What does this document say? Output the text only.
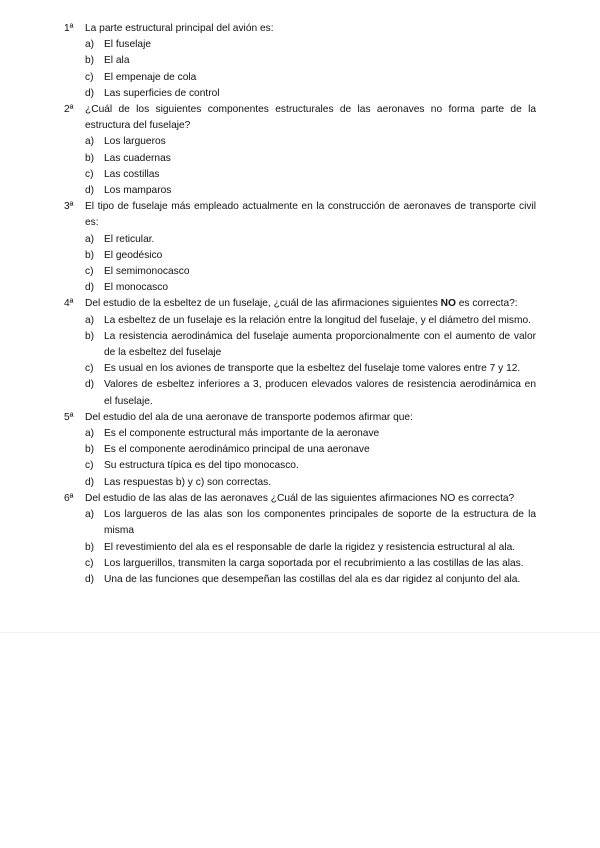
1ª La parte estructural principal del avión es:
a) El fuselaje
b) El ala
c) El empenaje de cola
d) Las superficies de control
2ª ¿Cuál de los siguientes componentes estructurales de las aeronaves no forma parte de la estructura del fuselaje?
a) Los largueros
b) Las cuadernas
c) Las costillas
d) Los mamparos
3ª El tipo de fuselaje más empleado actualmente en la construcción de aeronaves de transporte civil es:
a) El reticular.
b) El geodésico
c) El semimonocasco
d) El monocasco
4ª Del estudio de la esbeltez de un fuselaje, ¿cuál de las afirmaciones siguientes NO es correcta?:
a) La esbeltez de un fuselaje es la relación entre la longitud del fuselaje, y el diámetro del mismo.
b) La resistencia aerodinámica del fuselaje aumenta proporcionalmente con el aumento de valor de la esbeltez del fuselaje
c) Es usual en los aviones de transporte que la esbeltez del fuselaje tome valores entre 7 y 12.
d) Valores de esbeltez inferiores a 3, producen elevados valores de resistencia aerodinámica en el fuselaje.
5ª Del estudio del ala de una aeronave de transporte podemos afirmar que:
a) Es el componente estructural más importante de la aeronave
b) Es el componente aerodinámico principal de una aeronave
c) Su estructura típica es del tipo monocasco.
d) Las respuestas b) y c) son correctas.
6ª Del estudio de las alas de las aeronaves ¿Cuál de las siguientes afirmaciones NO es correcta?
a) Los largueros de las alas son los componentes principales de soporte de la estructura de la misma
b) El revestimiento del ala es el responsable de darle la rigidez y resistencia estructural al ala.
c) Los larguerillos, transmiten la carga soportada por el recubrimiento a las costillas de las alas.
d) Una de las funciones que desempeñan las costillas del ala es dar rigidez al conjunto del ala.
